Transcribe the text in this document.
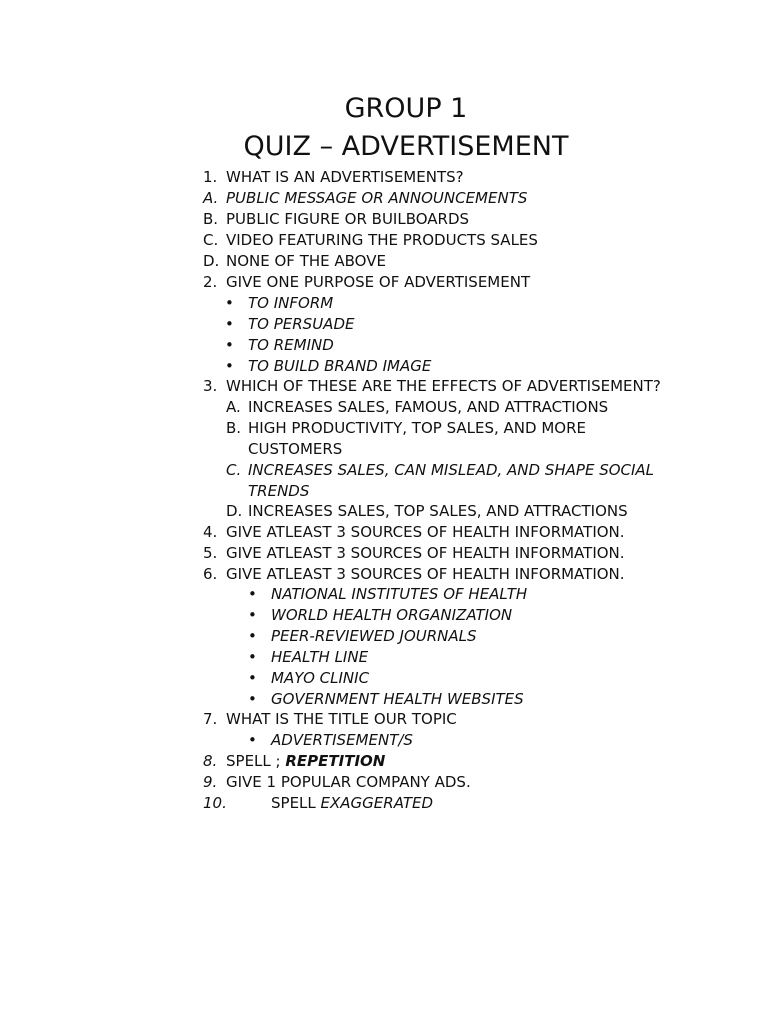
GROUP 1
QUIZ – ADVERTISEMENT
1. WHAT IS AN ADVERTISEMENTS?
A. PUBLIC MESSAGE OR ANNOUNCEMENTS
B. PUBLIC FIGURE OR BUILBOARDS
C. VIDEO FEATURING THE PRODUCTS SALES
D. NONE OF THE ABOVE
2. GIVE ONE PURPOSE OF ADVERTISEMENT
• TO INFORM
• TO PERSUADE
• TO REMIND
• TO BUILD BRAND IMAGE
3. WHICH OF THESE ARE THE EFFECTS OF ADVERTISEMENT?
A. INCREASES SALES, FAMOUS, AND ATTRACTIONS
B. HIGH PRODUCTIVITY, TOP SALES, AND MORE
CUSTOMERS
C. INCREASES SALES, CAN MISLEAD, AND SHAPE SOCIAL
TRENDS
D. INCREASES SALES, TOP SALES, AND ATTRACTIONS
4. GIVE ATLEAST 3 SOURCES OF HEALTH INFORMATION.
5. GIVE ATLEAST 3 SOURCES OF HEALTH INFORMATION.
6. GIVE ATLEAST 3 SOURCES OF HEALTH INFORMATION.
• NATIONAL INSTITUTES OF HEALTH
• WORLD HEALTH ORGANIZATION
• PEER-REVIEWED JOURNALS
• HEALTH LINE
• MAYO CLINIC
• GOVERNMENT HEALTH WEBSITES
7. WHAT IS THE TITLE OUR TOPIC
• ADVERTISEMENT/S
8. SPELL ; REPETITION
9. GIVE 1 POPULAR COMPANY ADS.
10.	SPELL EXAGGERATED
